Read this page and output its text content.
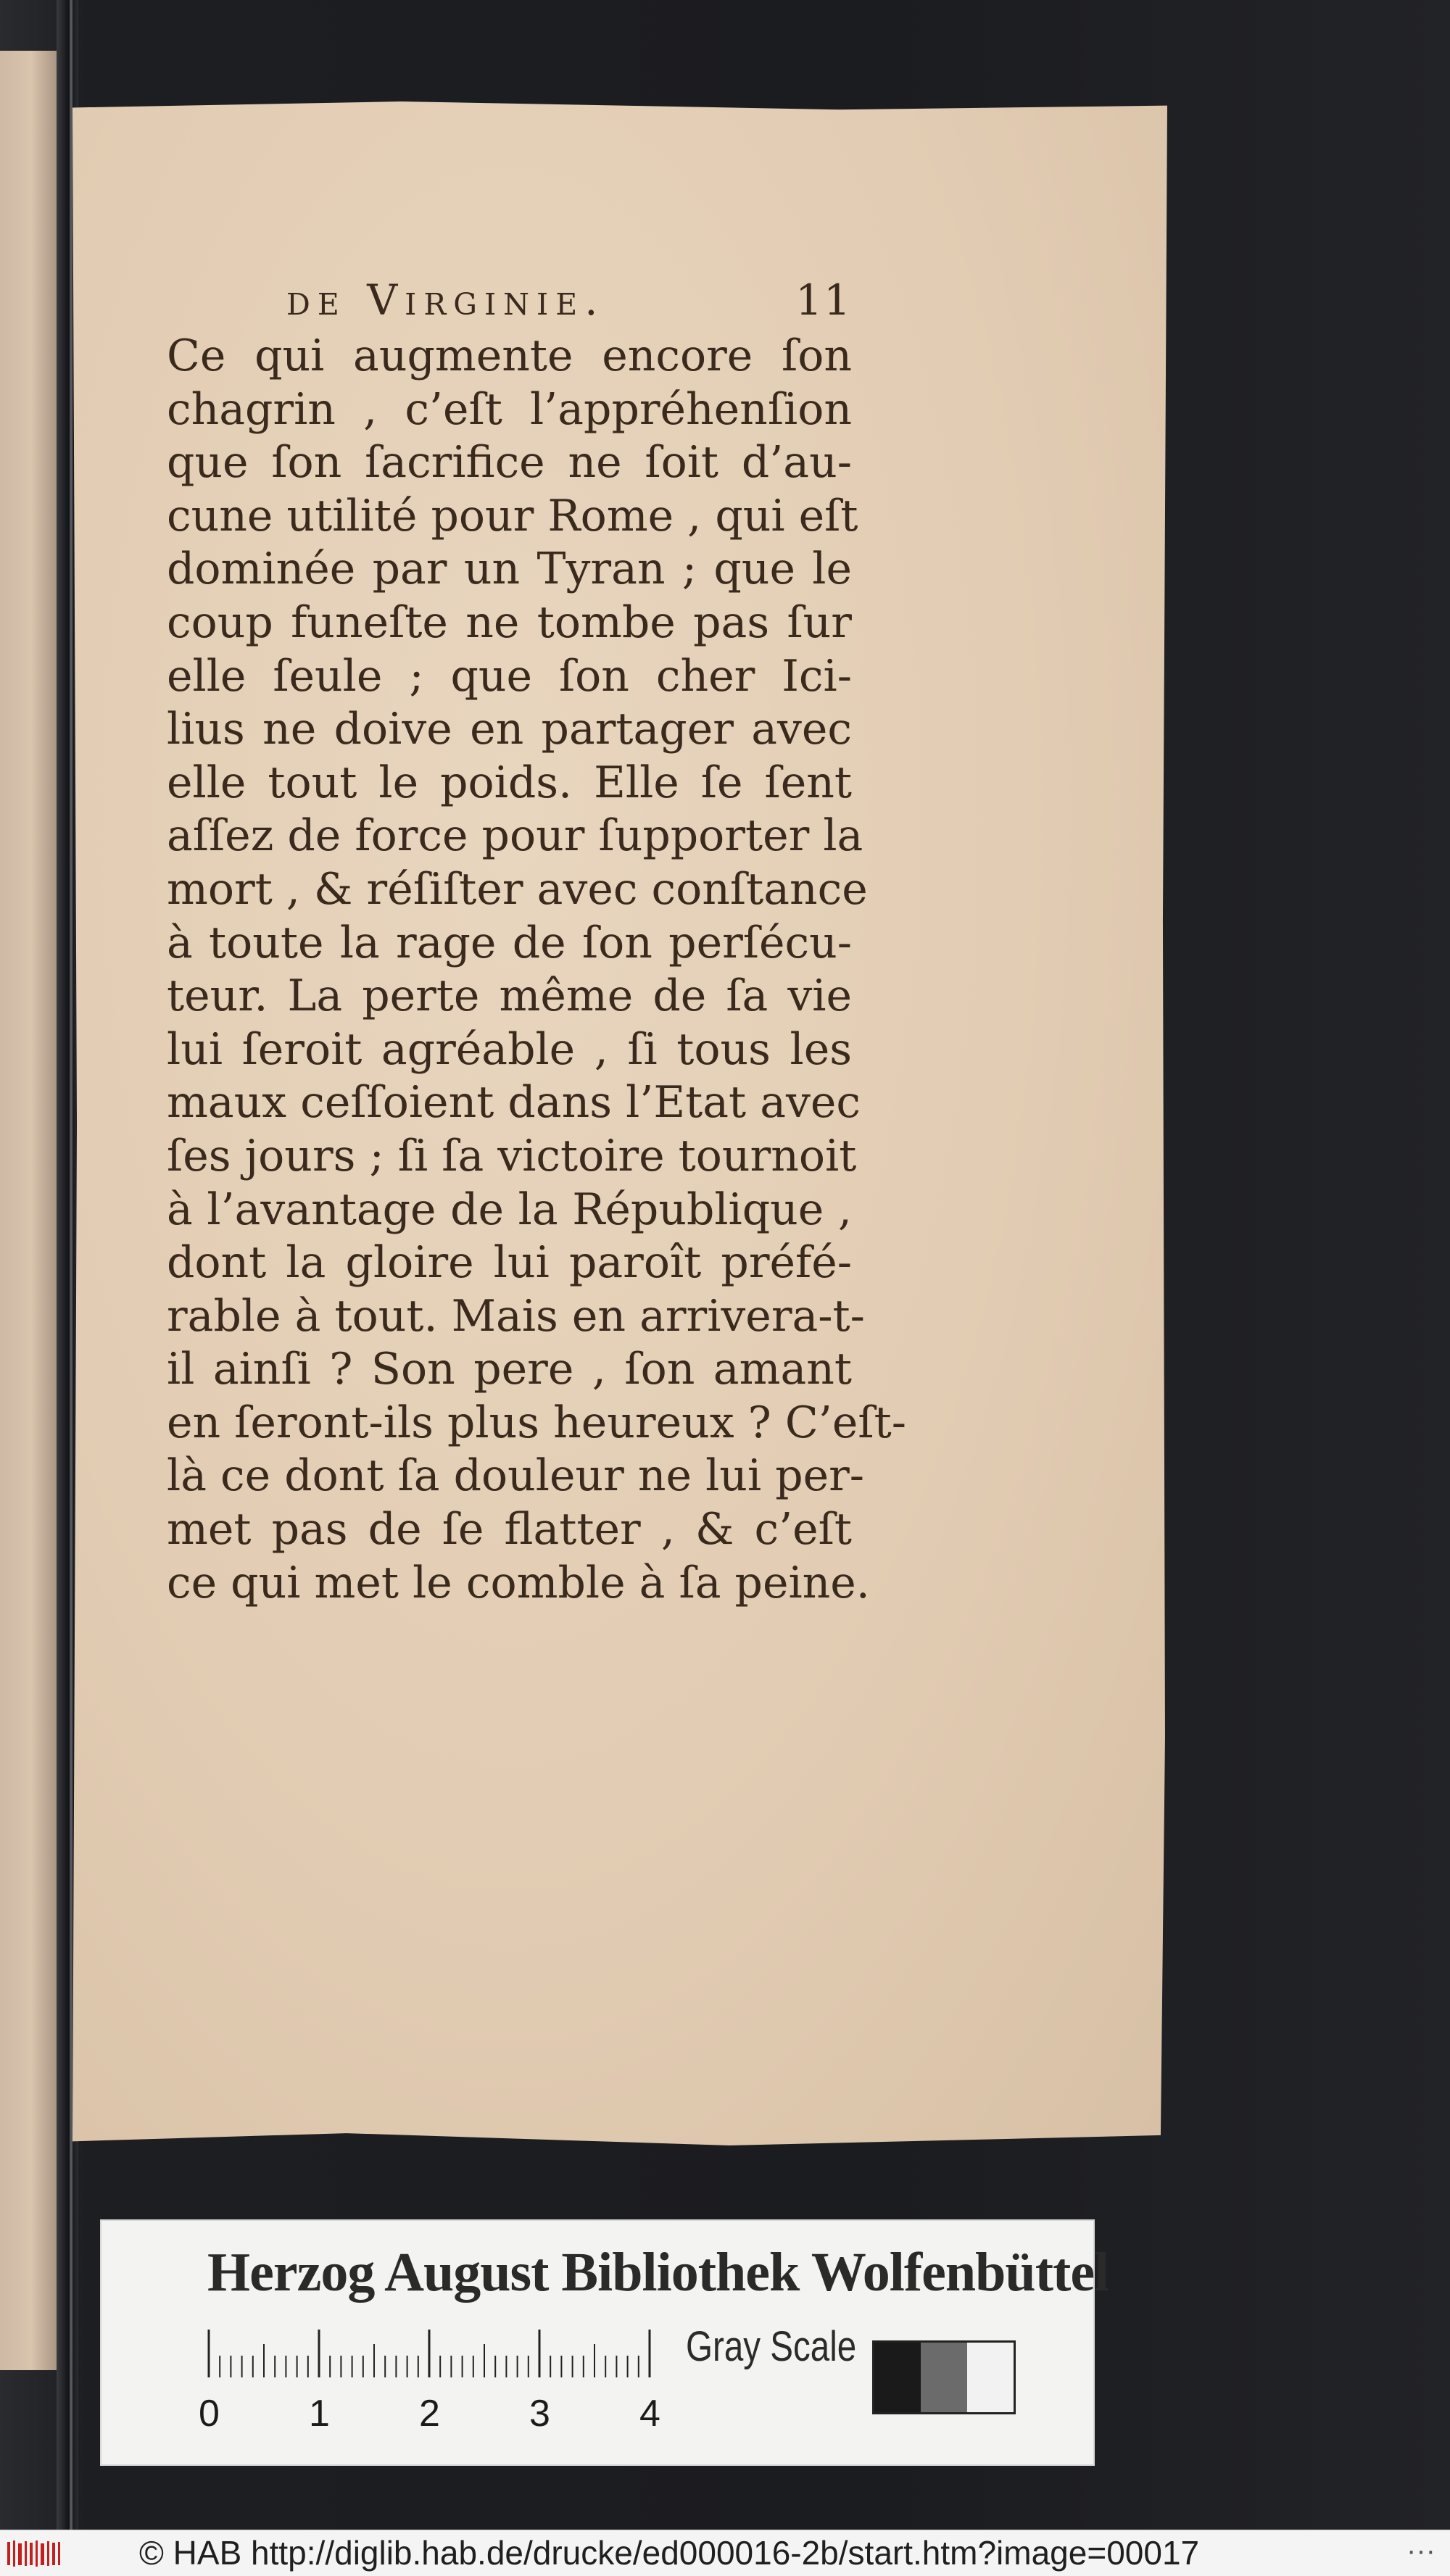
de Virginie.	11
Ce qui augmente encore ſon
chagrin , c’eſt l’appréhenſion
que ſon ſacrifice ne ſoit d’au-
cune utilité pour Rome , qui eſt
dominée par un Tyran ; que le
coup funeſte ne tombe pas ſur
elle ſeule ; que ſon cher Ici-
lius ne doive en partager avec
elle tout le poids. Elle ſe ſent
aſſez de force pour ſupporter la
mort , & réſiſter avec conſtance
à toute la rage de ſon perſécu-
teur. La perte même de ſa vie
lui ſeroit agréable , ſi tous les
maux ceſſoient dans l’Etat avec
ſes jours ; ſi ſa victoire tournoit
à l’avantage de la République ,
dont la gloire lui paroît préfé-
rable à tout. Mais en arrivera-t-
il ainſi ? Son pere , ſon amant
en ſeront-ils plus heureux ? C’eſt-
là ce dont ſa douleur ne lui per-
met pas de ſe flatter , & c’eſt
ce qui met le comble à ſa peine.
Herzog August Bibliothek Wolfenbüttel
0 1 2 3 4
Gray Scale
© HAB http://diglib.hab.de/drucke/ed000016-2b/start.htm?image=00017	···
